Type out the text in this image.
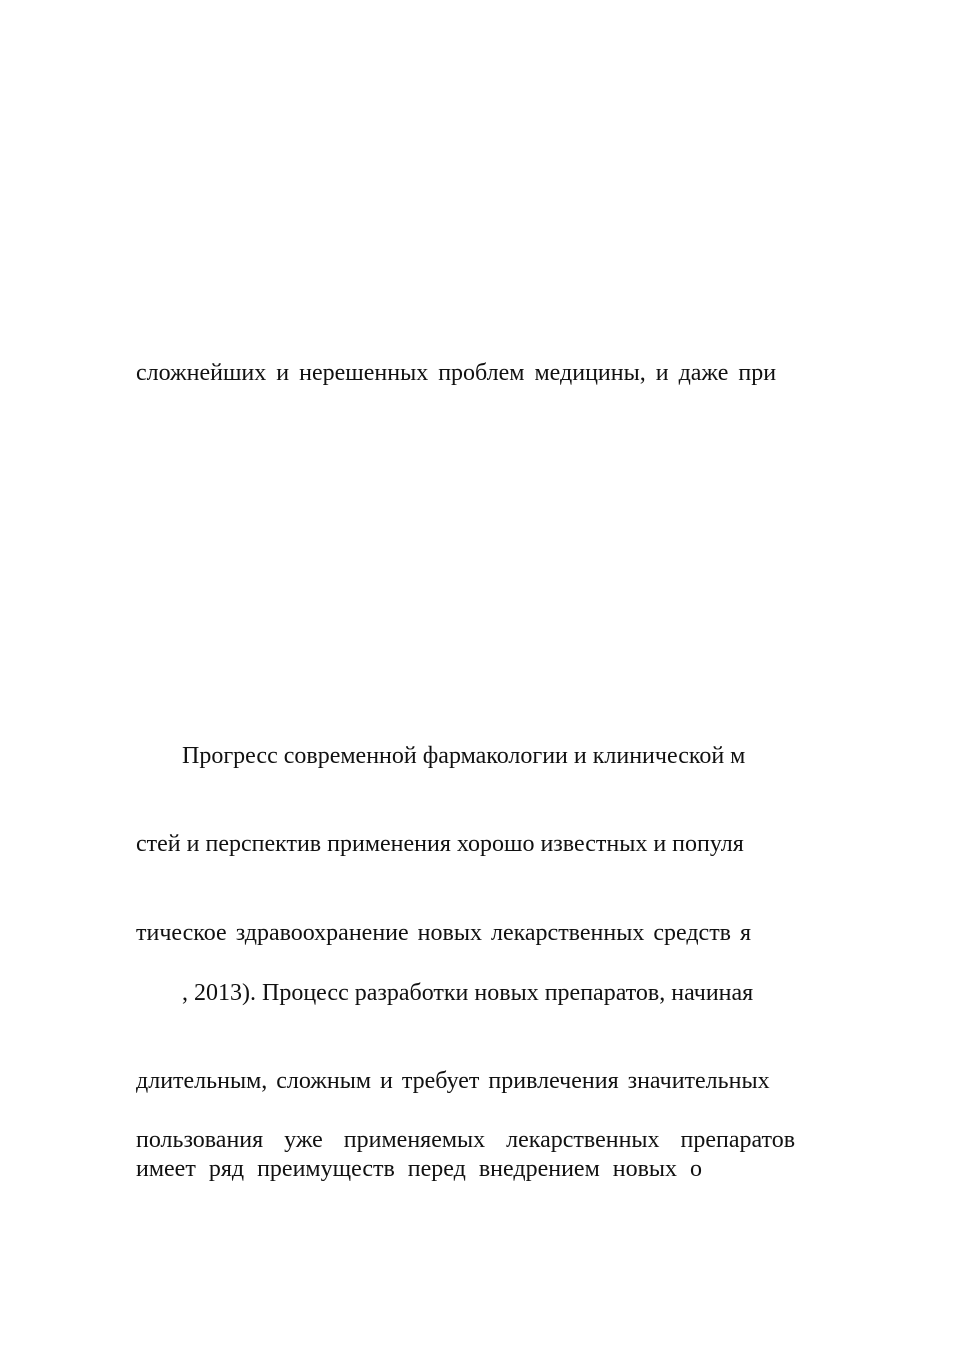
сложнейших и нерешенных проблем медицины, и даже при
Прогресс современной фармакологии и клинической м
стей и перспектив применения хорошо известных и популя
тическое здравоохранение новых лекарственных средств я
, 2013). Процесс разработки новых препаратов, начиная
длительным, сложным и требует привлечения значительных
пользования уже применяемых лекарственных препаратов
имеет ряд преимуществ перед внедрением новых о
